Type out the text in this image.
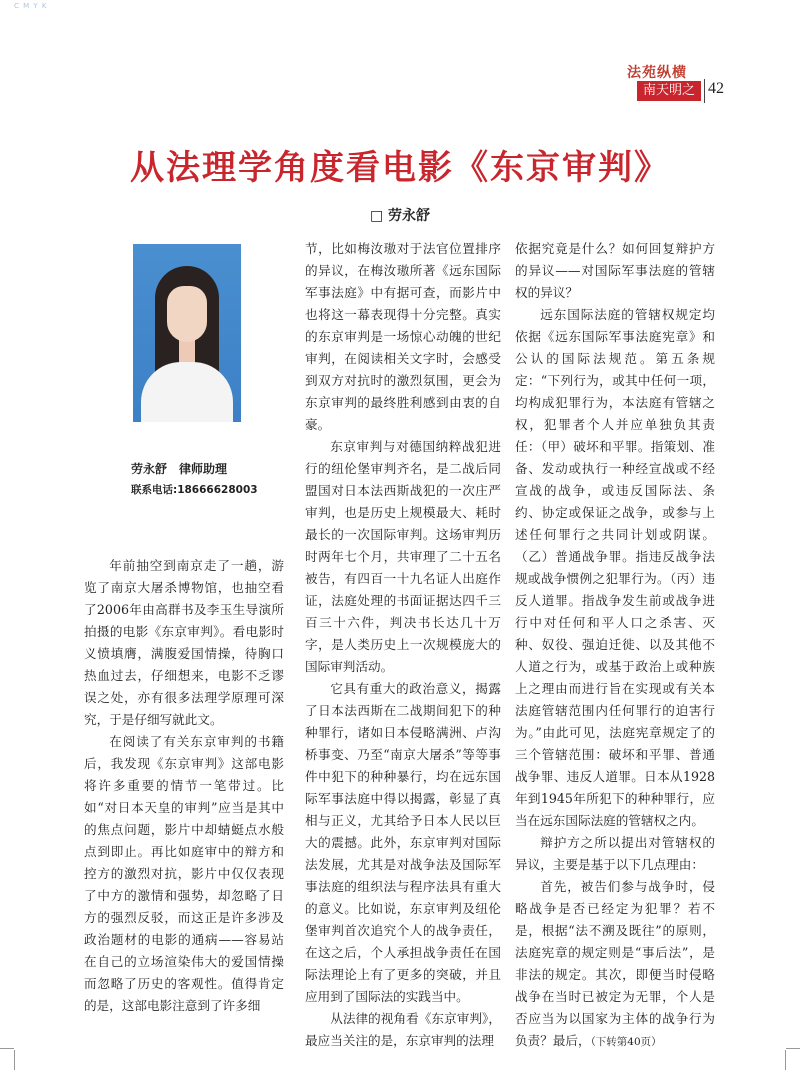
C M Y K
法苑纵横
南天明之窗
42
从法理学角度看电影《东京审判》
□ 劳永舒
劳永舒　律师助理
联系电话:18666628003

年前抽空到南京走了一趟，游览了南京大屠杀博物馆，也抽空看了2006年由高群书及李玉生导演所拍摄的电影《东京审判》。看电影时义愤填膺，满腹爱国情操，待胸口热血过去，仔细想来，电影不乏谬误之处，亦有很多法理学原理可深究，于是仔细写就此文。

在阅读了有关东京审判的书籍后，我发现《东京审判》这部电影将许多重要的情节一笔带过。比如“对日本天皇的审判”应当是其中的焦点问题，影片中却蜻蜓点水般点到即止。再比如庭审中的辩方和控方的激烈对抗，影片中仅仅表现了中方的激情和强势，却忽略了日方的强烈反驳，而这正是许多涉及政治题材的电影的通病——容易站在自己的立场渲染伟大的爱国情操而忽略了历史的客观性。值得肯定的是，这部电影注意到了许多细

节，比如梅汝璈对于法官位置排序的异议，在梅汝璈所著《远东国际军事法庭》中有据可查，而影片中也将这一幕表现得十分完整。真实的东京审判是一场惊心动魄的世纪审判，在阅读相关文字时，会感受到双方对抗时的激烈氛围，更会为东京审判的最终胜利感到由衷的自豪。

东京审判与对德国纳粹战犯进行的纽伦堡审判齐名，是二战后同盟国对日本法西斯战犯的一次庄严审判，也是历史上规模最大、耗时最长的一次国际审判。这场审判历时两年七个月，共审理了二十五名被告，有四百一十九名证人出庭作证，法庭处理的书面证据达四千三百三十六件，判决书长达几十万字，是人类历史上一次规模庞大的国际审判活动。

它具有重大的政治意义，揭露了日本法西斯在二战期间犯下的种种罪行，诸如日本侵略满洲、卢沟桥事变、乃至“南京大屠杀”等等事件中犯下的种种暴行，均在远东国际军事法庭中得以揭露，彰显了真相与正义，尤其给予日本人民以巨大的震撼。此外，东京审判对国际法发展，尤其是对战争法及国际军事法庭的组织法与程序法具有重大的意义。比如说，东京审判及纽伦堡审判首次追究个人的战争责任，在这之后，个人承担战争责任在国际法理论上有了更多的突破，并且应用到了国际法的实践当中。

从法律的视角看《东京审判》，最应当关注的是，东京审判的法理

依据究竟是什么？如何回复辩护方的异议——对国际军事法庭的管辖权的异议？

远东国际法庭的管辖权规定均依据《远东国际军事法庭宪章》和公认的国际法规范。第五条规定：“下列行为，或其中任何一项，均构成犯罪行为，本法庭有管辖之权，犯罪者个人并应单独负其责任：（甲）破坏和平罪。指策划、准备、发动或执行一种经宣战或不经宣战的战争，或违反国际法、条约、协定或保证之战争，或参与上述任何罪行之共同计划或阴谋。（乙）普通战争罪。指违反战争法规或战争惯例之犯罪行为。（丙）违反人道罪。指战争发生前或战争进行中对任何和平人口之杀害、灭种、奴役、强迫迁徙、以及其他不人道之行为，或基于政治上或种族上之理由而进行旨在实现或有关本法庭管辖范围内任何罪行的迫害行为。”由此可见，法庭宪章规定了的三个管辖范围：破坏和平罪、普通战争罪、违反人道罪。日本从1928年到1945年所犯下的种种罪行，应当在远东国际法庭的管辖权之内。

辩护方之所以提出对管辖权的异议，主要是基于以下几点理由：

首先，被告们参与战争时，侵略战争是否已经定为犯罪？若不是，根据“法不溯及既往”的原则，法庭宪章的规定则是“事后法”，是非法的规定。其次，即便当时侵略战争在当时已被定为无罪，个人是否应当为以国家为主体的战争行为负责？最后，（下转第40页）
